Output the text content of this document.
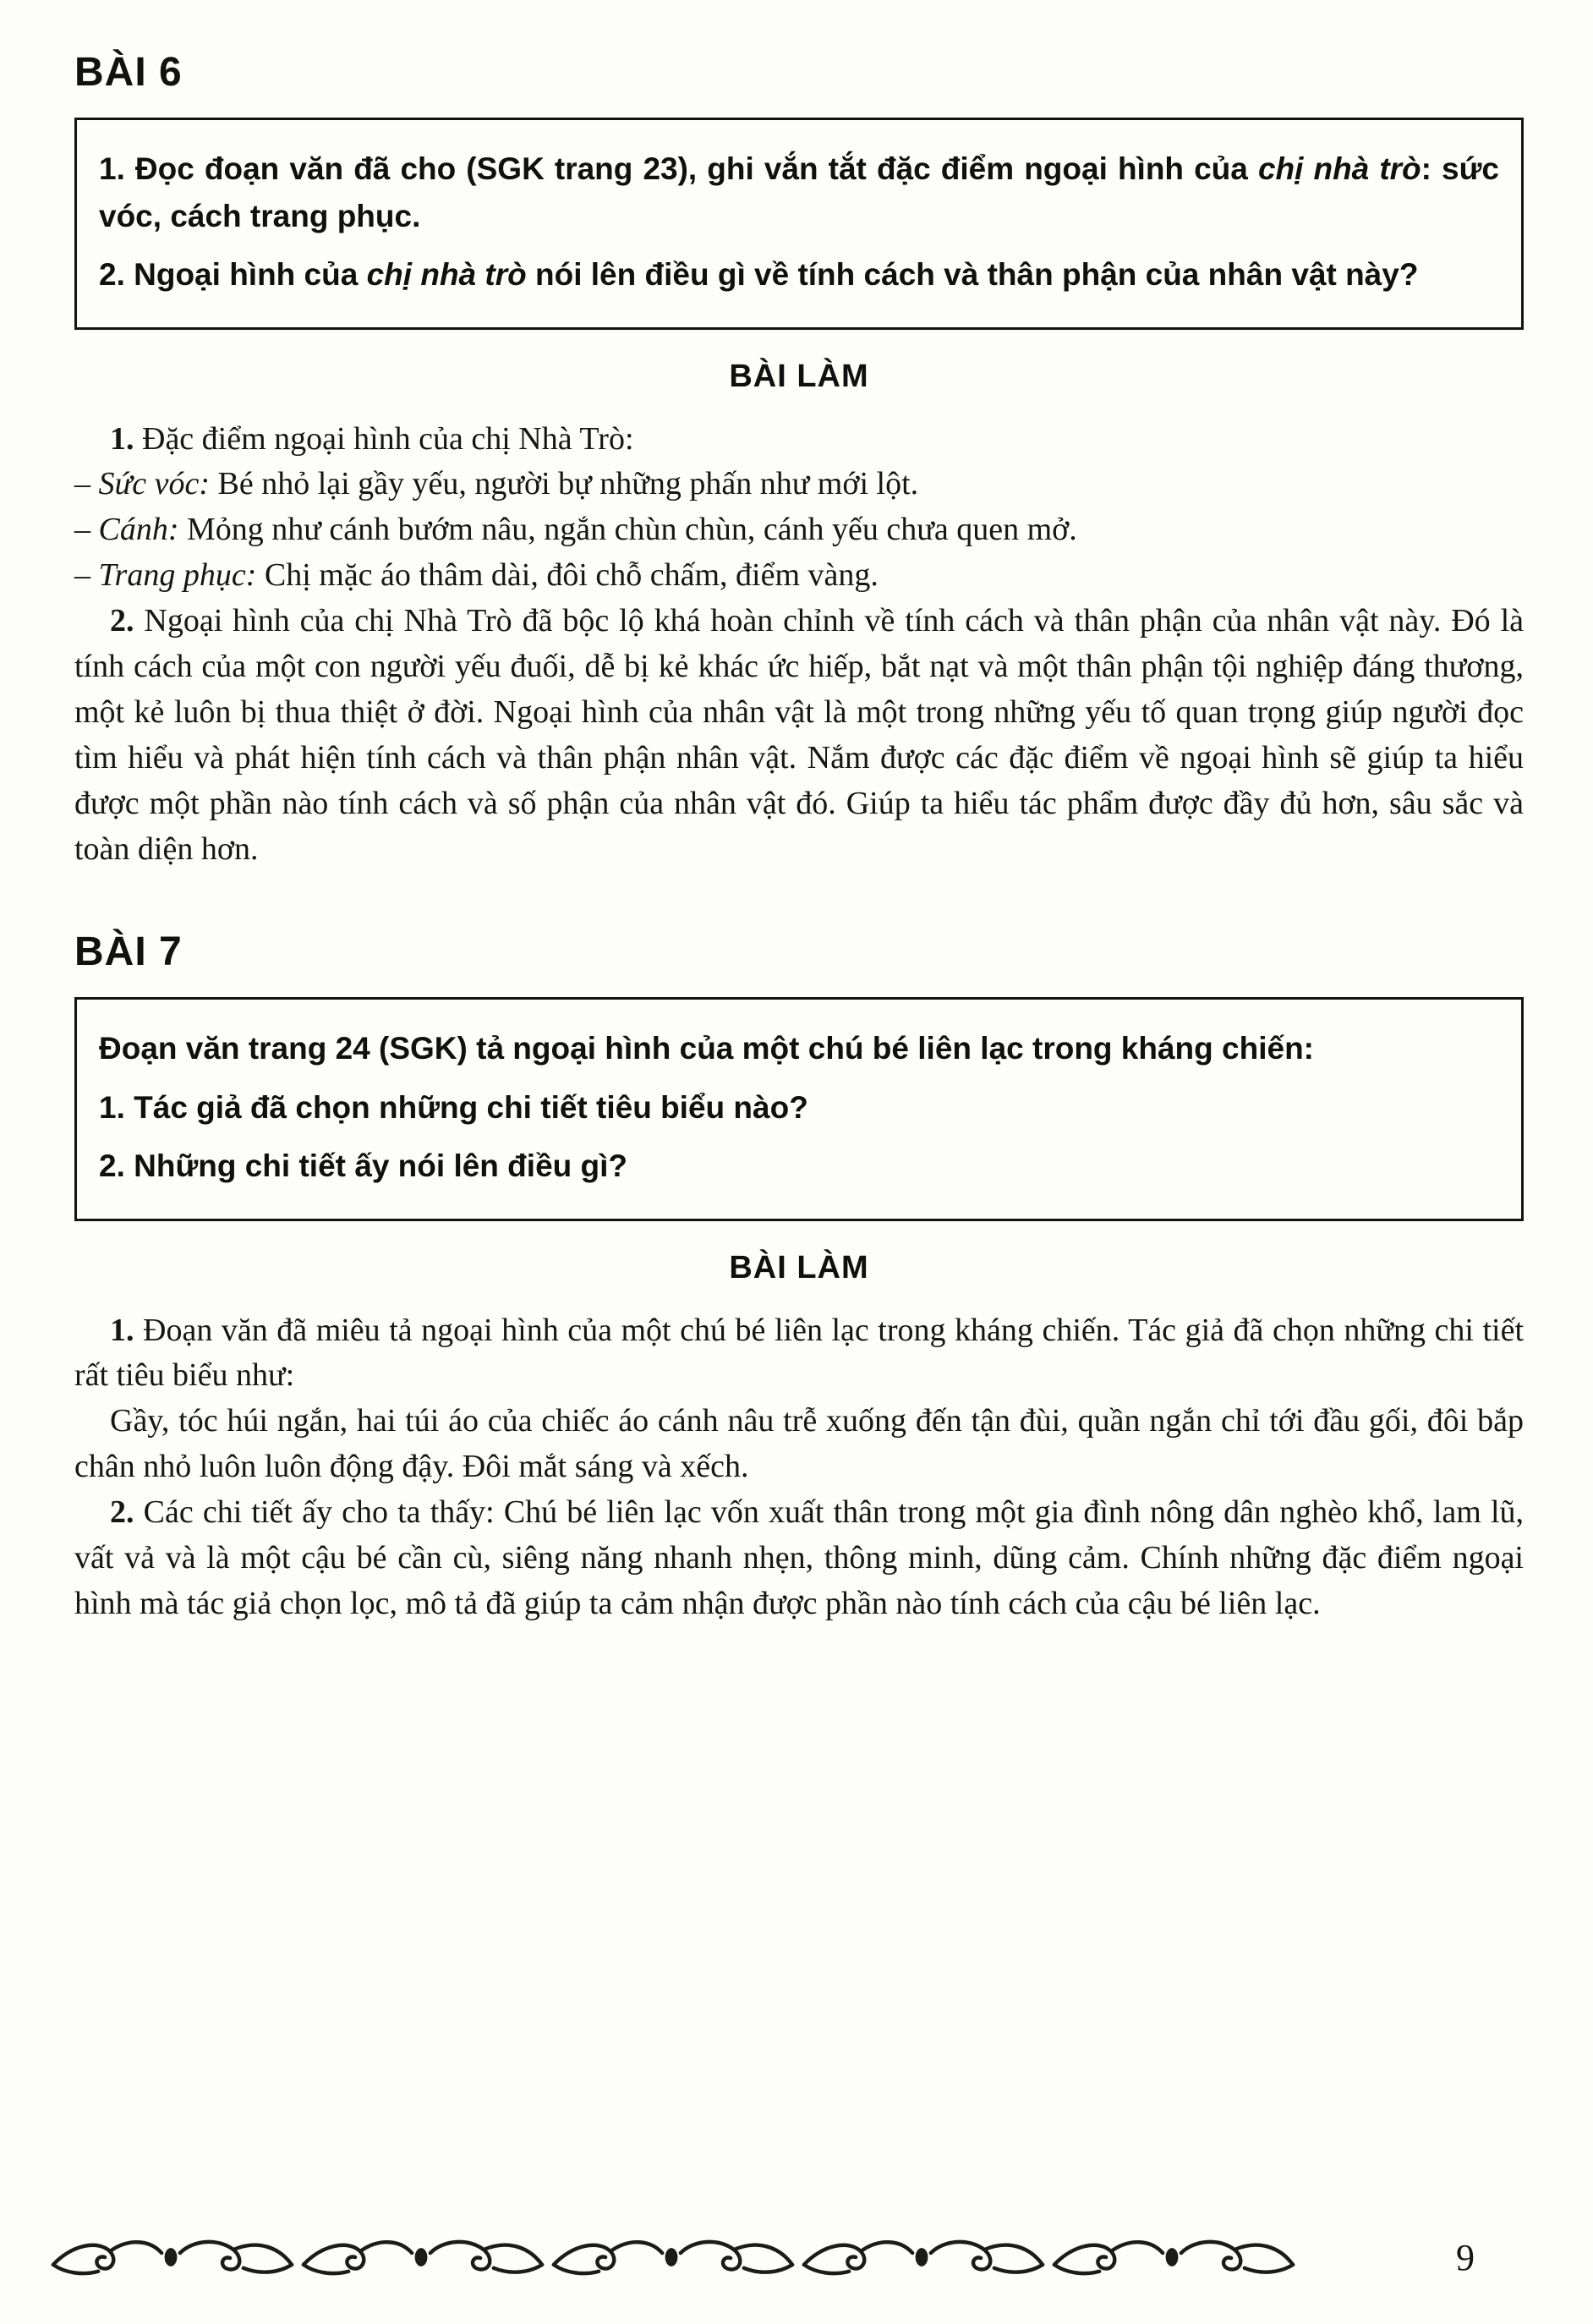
BÀI 6

1. Đọc đoạn văn đã cho (SGK trang 23), ghi vắn tắt đặc điểm ngoại hình của chị nhà trò: sức vóc, cách trang phục.

2. Ngoại hình của chị nhà trò nói lên điều gì về tính cách và thân phận của nhân vật này?

BÀI LÀM

1. Đặc điểm ngoại hình của chị Nhà Trò:

– Sức vóc: Bé nhỏ lại gầy yếu, người bự những phấn như mới lột.

– Cánh: Mỏng như cánh bướm nâu, ngắn chùn chùn, cánh yếu chưa quen mở.

– Trang phục: Chị mặc áo thâm dài, đôi chỗ chấm, điểm vàng.

2. Ngoại hình của chị Nhà Trò đã bộc lộ khá hoàn chỉnh về tính cách và thân phận của nhân vật này. Đó là tính cách của một con người yếu đuối, dễ bị kẻ khác ức hiếp, bắt nạt và một thân phận tội nghiệp đáng thương, một kẻ luôn bị thua thiệt ở đời. Ngoại hình của nhân vật là một trong những yếu tố quan trọng giúp người đọc tìm hiểu và phát hiện tính cách và thân phận nhân vật. Nắm được các đặc điểm về ngoại hình sẽ giúp ta hiểu được một phần nào tính cách và số phận của nhân vật đó. Giúp ta hiểu tác phẩm được đầy đủ hơn, sâu sắc và toàn diện hơn.

BÀI 7

Đoạn văn trang 24 (SGK) tả ngoại hình của một chú bé liên lạc trong kháng chiến:

1. Tác giả đã chọn những chi tiết tiêu biểu nào?

2. Những chi tiết ấy nói lên điều gì?

BÀI LÀM

1. Đoạn văn đã miêu tả ngoại hình của một chú bé liên lạc trong kháng chiến. Tác giả đã chọn những chi tiết rất tiêu biểu như:

Gầy, tóc húi ngắn, hai túi áo của chiếc áo cánh nâu trễ xuống đến tận đùi, quần ngắn chỉ tới đầu gối, đôi bắp chân nhỏ luôn luôn động đậy. Đôi mắt sáng và xếch.

2. Các chi tiết ấy cho ta thấy: Chú bé liên lạc vốn xuất thân trong một gia đình nông dân nghèo khổ, lam lũ, vất vả và là một cậu bé cần cù, siêng năng nhanh nhẹn, thông minh, dũng cảm. Chính những đặc điểm ngoại hình mà tác giả chọn lọc, mô tả đã giúp ta cảm nhận được phần nào tính cách của cậu bé liên lạc.

9
